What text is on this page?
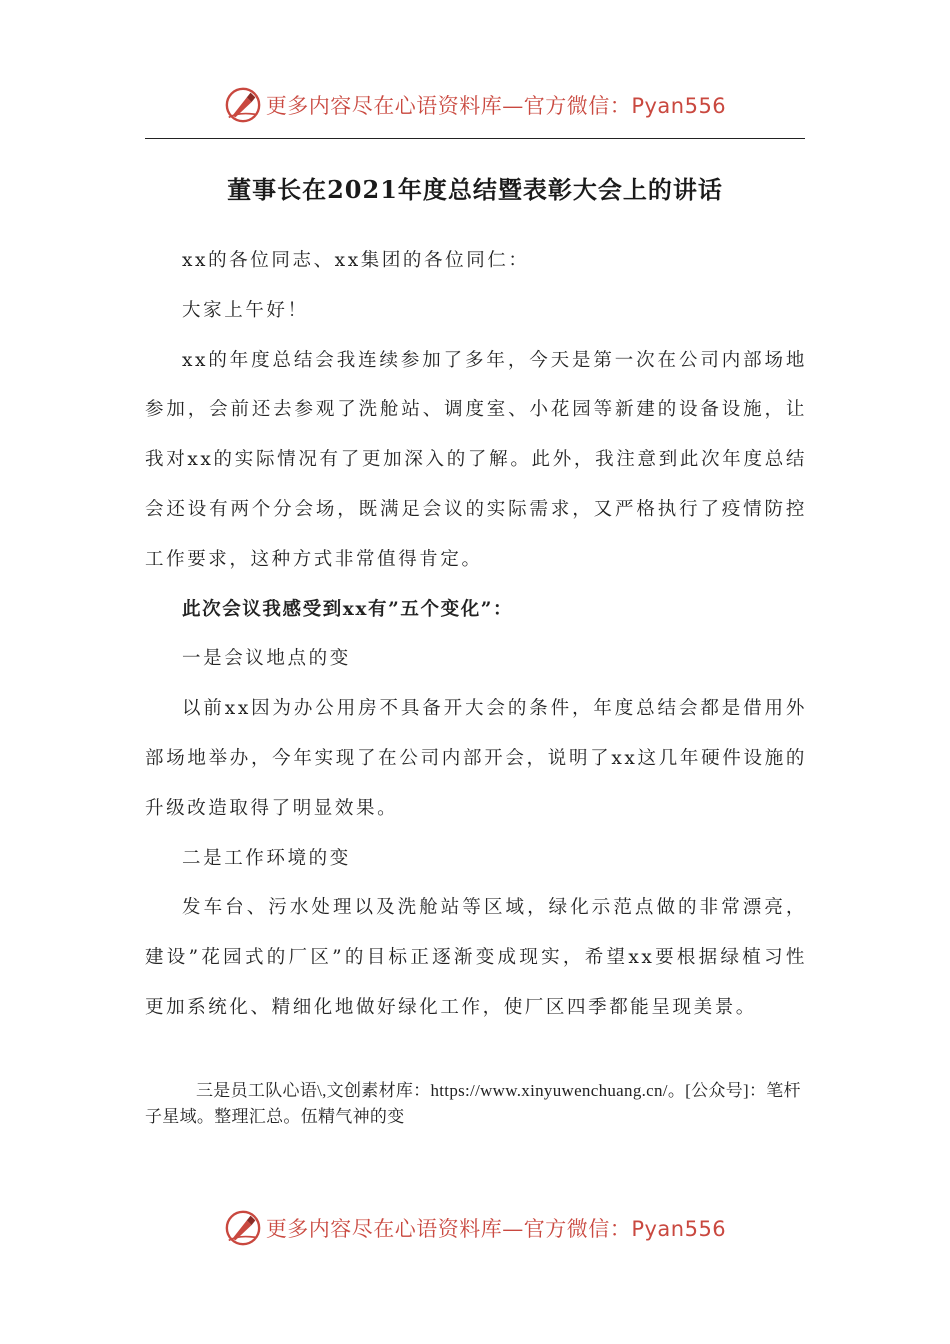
更多内容尽在心语资料库—官方微信：Pyan556
董事长在2021年度总结暨表彰大会上的讲话

xx的各位同志、xx集团的各位同仁：

大家上午好！

xx的年度总结会我连续参加了多年，今天是第一次在公司内部场地参加，会前还去参观了洗舱站、调度室、小花园等新建的设备设施，让我对xx的实际情况有了更加深入的了解。此外，我注意到此次年度总结会还设有两个分会场，既满足会议的实际需求，又严格执行了疫情防控工作要求，这种方式非常值得肯定。

此次会议我感受到xx有”五个变化”：

一是会议地点的变

以前xx因为办公用房不具备开大会的条件，年度总结会都是借用外部场地举办，今年实现了在公司内部开会，说明了xx这几年硬件设施的升级改造取得了明显效果。

二是工作环境的变

发车台、污水处理以及洗舱站等区域，绿化示范点做的非常漂亮，建设”花园式的厂区”的目标正逐渐变成现实，希望xx要根据绿植习性更加系统化、精细化地做好绿化工作，使厂区四季都能呈现美景。

三是员工队心语\,文创素材库：https://www.xinyuwenchuang.cn/。[公众号]：笔杆子星域。整理汇总。伍精气神的变

更多内容尽在心语资料库—官方微信：Pyan556
